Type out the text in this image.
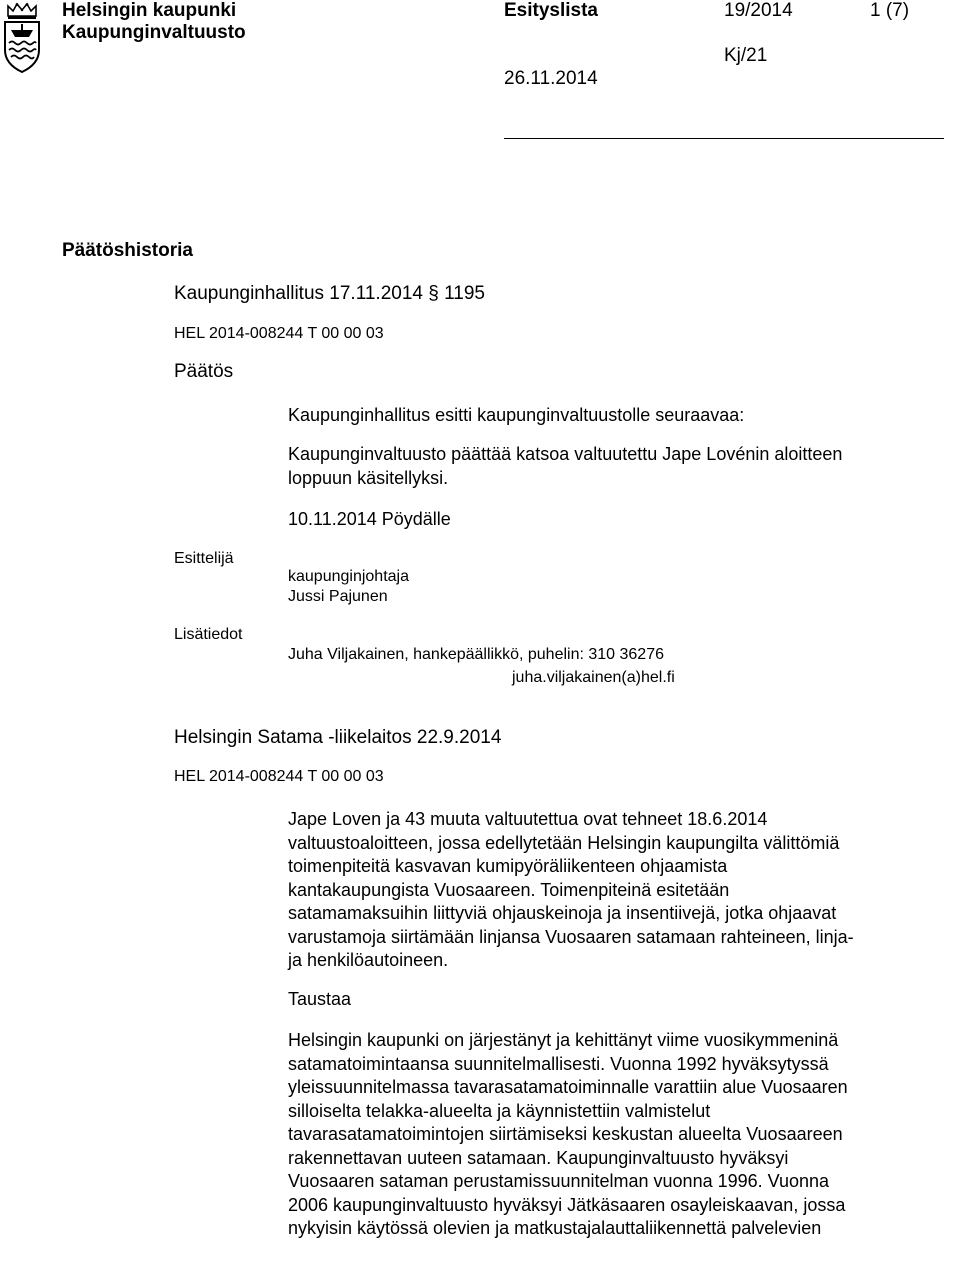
Helsingin kaupunki
Kaupunginvaltuusto
Esityslista	19/2014	1 (7)
Kj/21
26.11.2014
Päätöshistoria
Kaupunginhallitus 17.11.2014 § 1195
HEL 2014-008244 T 00 00 03
Päätös
Kaupunginhallitus esitti kaupunginvaltuustolle seuraavaa:
Kaupunginvaltuusto päättää katsoa valtuutettu Jape Lovénin aloitteen
loppuun käsitellyksi.
10.11.2014 Pöydälle
Esittelijä
kaupunginjohtaja
Jussi Pajunen
Lisätiedot
Juha Viljakainen, hankepäällikkö, puhelin: 310 36276
juha.viljakainen(a)hel.fi
Helsingin Satama -liikelaitos 22.9.2014
HEL 2014-008244 T 00 00 03
Jape Loven ja 43 muuta valtuutettua ovat tehneet 18.6.2014
valtuustoaloitteen, jossa edellytetään Helsingin kaupungilta välittömiä
toimenpiteitä kasvavan kumipyöräliikenteen ohjaamista
kantakaupungista Vuosaareen. Toimenpiteinä esitetään
satamamaksuihin liittyviä ohjauskeinoja ja insentiivejä, jotka ohjaavat
varustamoja siirtämään linjansa Vuosaaren satamaan rahteineen, linja-
ja henkilöautoineen.
Taustaa
Helsingin kaupunki on järjestänyt ja kehittänyt viime vuosikymmeninä
satamatoimintaansa suunnitelmallisesti. Vuonna 1992 hyväksytyssä
yleissuunnitelmassa tavarasatamatoiminnalle varattiin alue Vuosaaren
silloiselta telakka-alueelta ja käynnistettiin valmistelut
tavarasatamatoimintojen siirtämiseksi keskustan alueelta Vuosaareen
rakennettavan uuteen satamaan. Kaupunginvaltuusto hyväksyi
Vuosaaren sataman perustamissuunnitelman vuonna 1996. Vuonna
2006 kaupunginvaltuusto hyväksyi Jätkäsaaren osayleiskaavan, jossa
nykyisin käytössä olevien ja matkustajalauttaliikennettä palvelevien
